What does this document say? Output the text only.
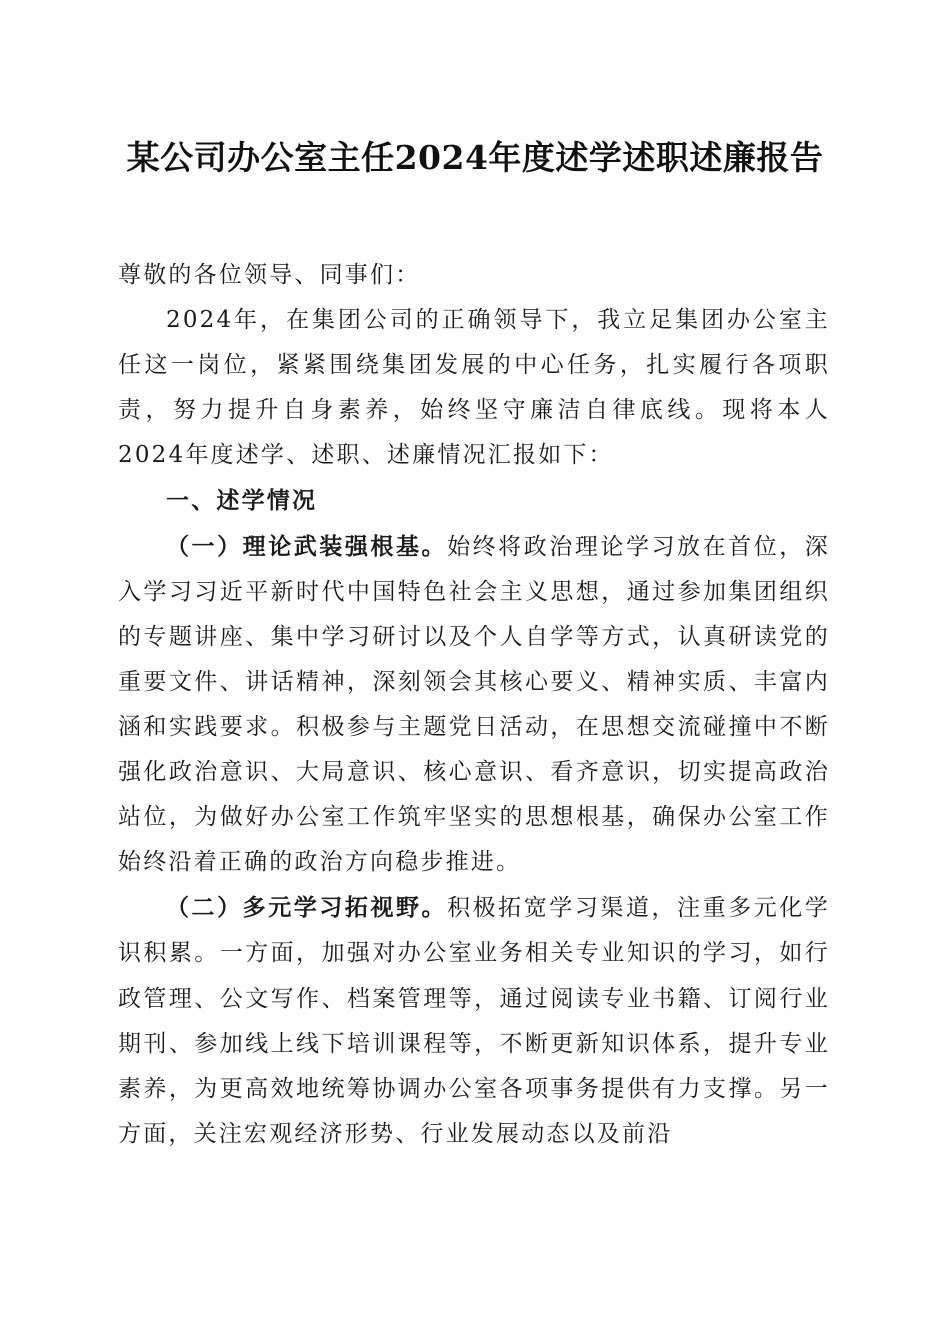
某公司办公室主任2024年度述学述职述廉报告

尊敬的各位领导、同事们：

2024年，在集团公司的正确领导下，我立足集团办公室主任这一岗位，紧紧围绕集团发展的中心任务，扎实履行各项职责，努力提升自身素养，始终坚守廉洁自律底线。现将本人2024年度述学、述职、述廉情况汇报如下：

一、述学情况

（一）理论武装强根基。始终将政治理论学习放在首位，深入学习习近平新时代中国特色社会主义思想，通过参加集团组织的专题讲座、集中学习研讨以及个人自学等方式，认真研读党的重要文件、讲话精神，深刻领会其核心要义、精神实质、丰富内涵和实践要求。积极参与主题党日活动，在思想交流碰撞中不断强化政治意识、大局意识、核心意识、看齐意识，切实提高政治站位，为做好办公室工作筑牢坚实的思想根基，确保办公室工作始终沿着正确的政治方向稳步推进。

（二）多元学习拓视野。积极拓宽学习渠道，注重多元化学识积累。一方面，加强对办公室业务相关专业知识的学习，如行政管理、公文写作、档案管理等，通过阅读专业书籍、订阅行业期刊、参加线上线下培训课程等，不断更新知识体系，提升专业素养，为更高效地统筹协调办公室各项事务提供有力支撑。另一方面，关注宏观经济形势、行业发展动态以及前沿
